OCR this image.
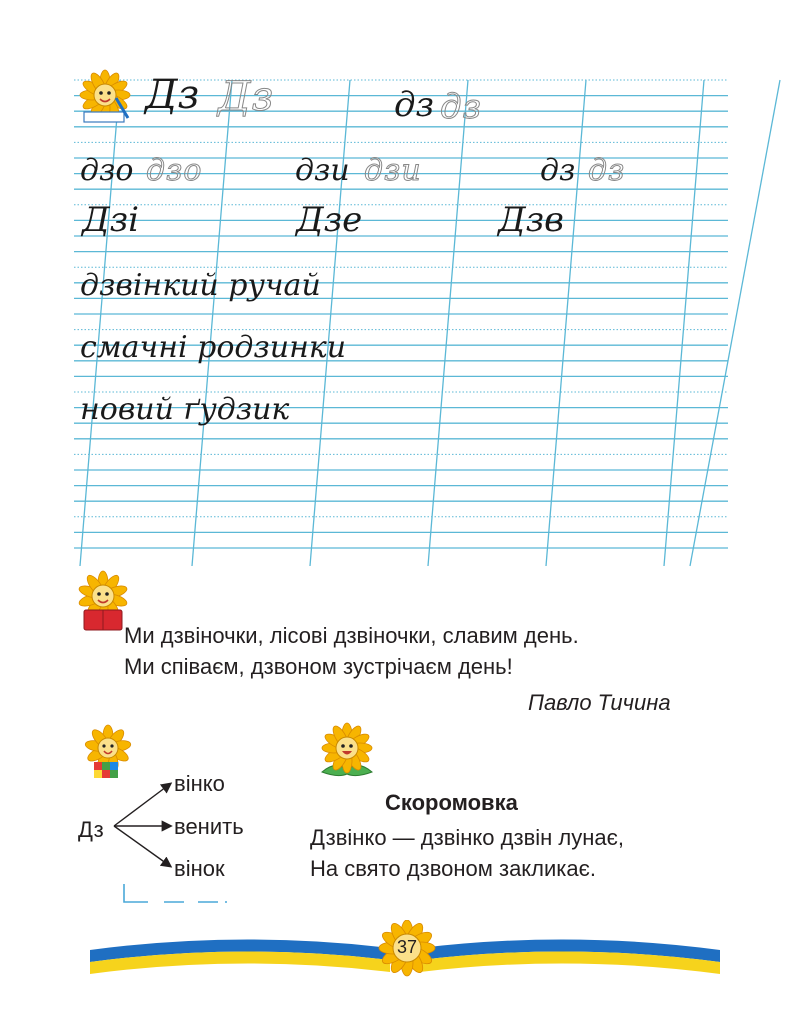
Дз Дз	дз дз
дзо дзо	дзи дзи	дз дз
Дзі	Дзе	Дзв
дзвінкий ручай
смачні родзинки
новий ґудзик
Ми дзвіночки, лісові дзвіночки, славим день.
Ми співаєм, дзвоном зустрічаєм день!
Павло Тичина
Дз
вінко
венить
вінок
Скоромовка
Дзвінко — дзвінко дзвін лунає,
На свято дзвоном закликає.
37
